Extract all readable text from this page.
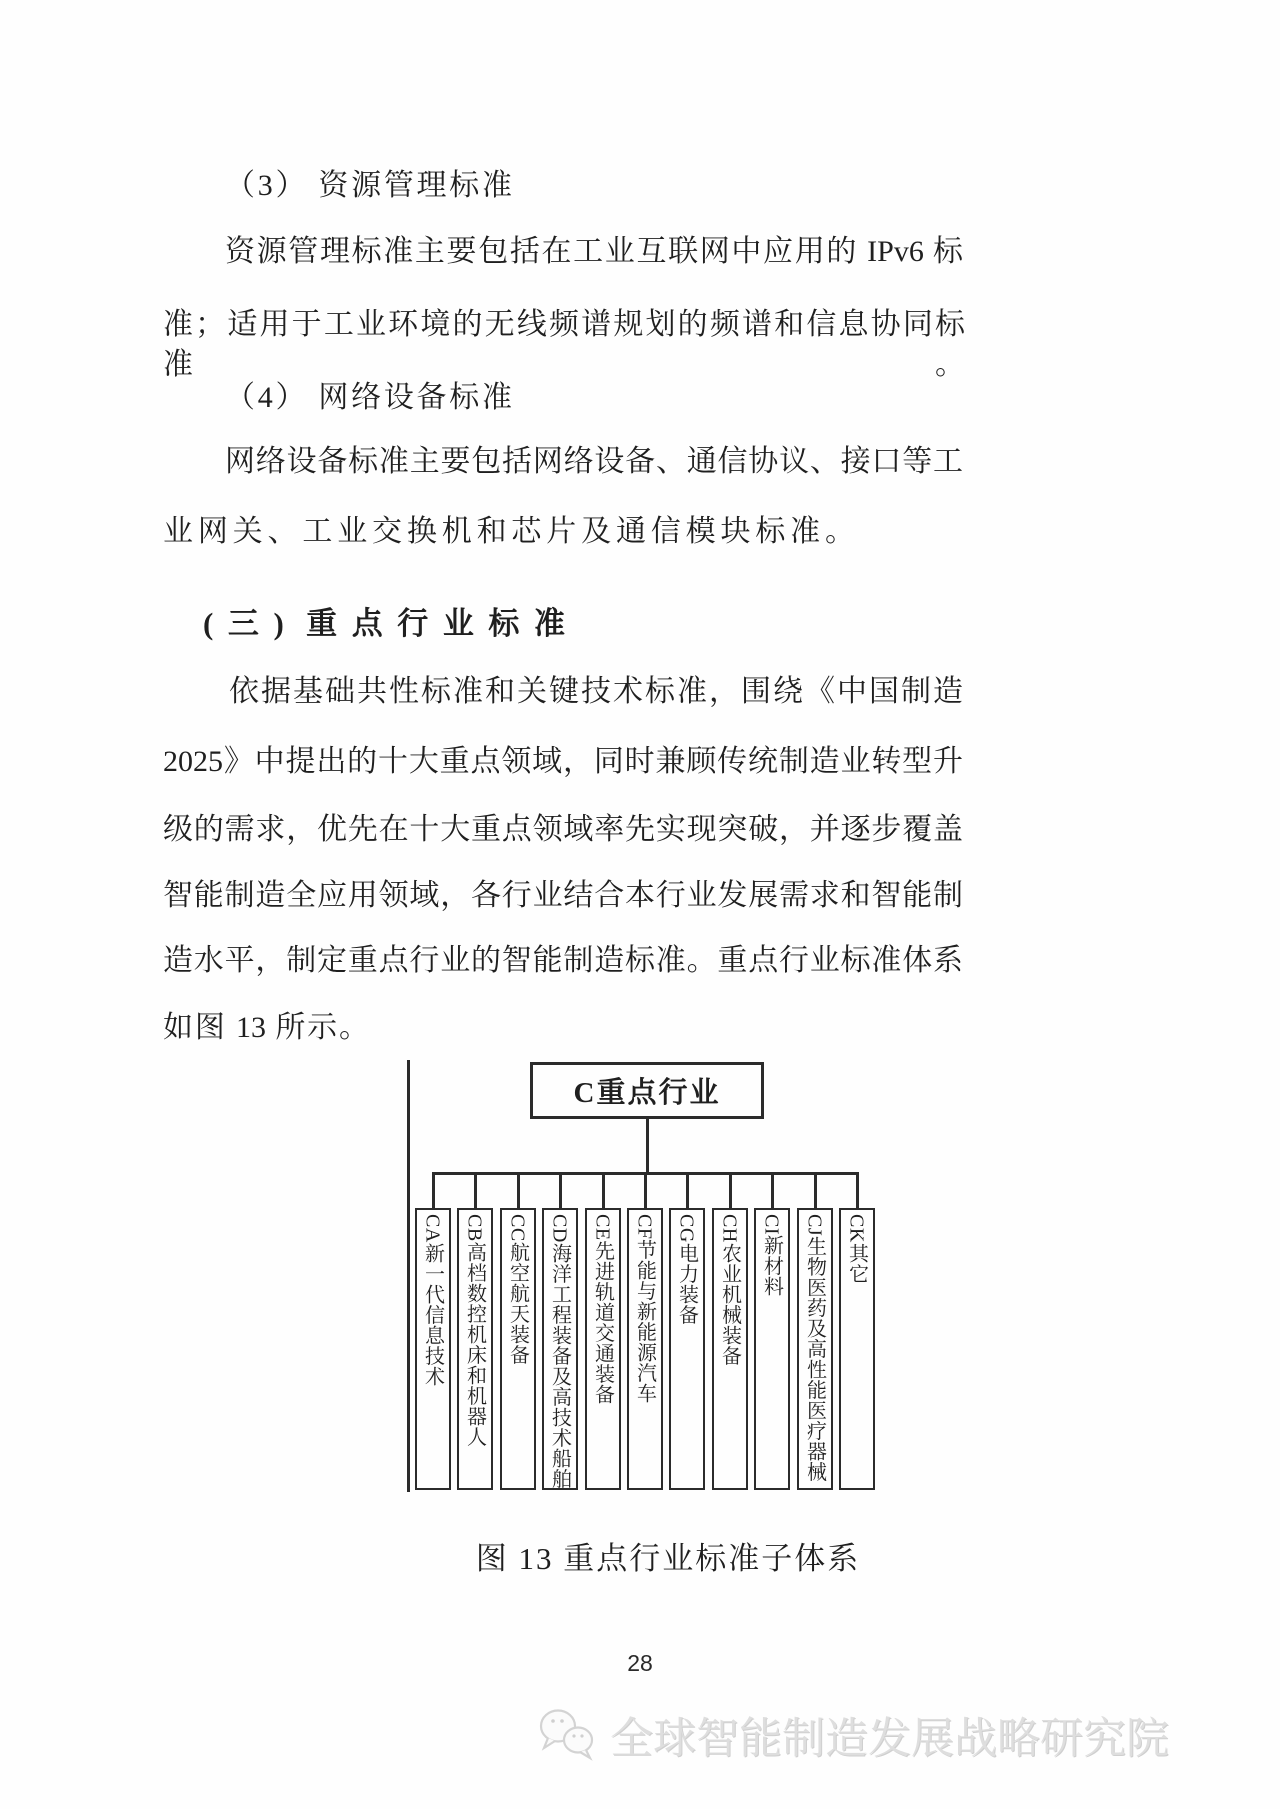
（3） 资源管理标准
资源管理标准主要包括在工业互联网中应用的 IPv6 标
准；适用于工业环境的无线频谱规划的频谱和信息协同标准。
（4） 网络设备标准
网络设备标准主要包括网络设备、通信协议、接口等工
业网关、工业交换机和芯片及通信模块标准。
(三) 重点行业标准
依据基础共性标准和关键技术标准，围绕《中国制造
2025》中提出的十大重点领域，同时兼顾传统制造业转型升
级的需求，优先在十大重点领域率先实现突破，并逐步覆盖
智能制造全应用领域，各行业结合本行业发展需求和智能制
造水平，制定重点行业的智能制造标准。重点行业标准体系
如图 13 所示。
C重点行业
CA新一代信息技术 CB高档数控机床和机器人 CC航空航天装备 CD海洋工程装备及高技术船舶 CE先进轨道交通装备 CF节能与新能源汽车 CG电力装备 CH农业机械装备 CI新材料 CJ生物医药及高性能医疗器械 CK其它
图 13 重点行业标准子体系
28
全球智能制造发展战略研究院
